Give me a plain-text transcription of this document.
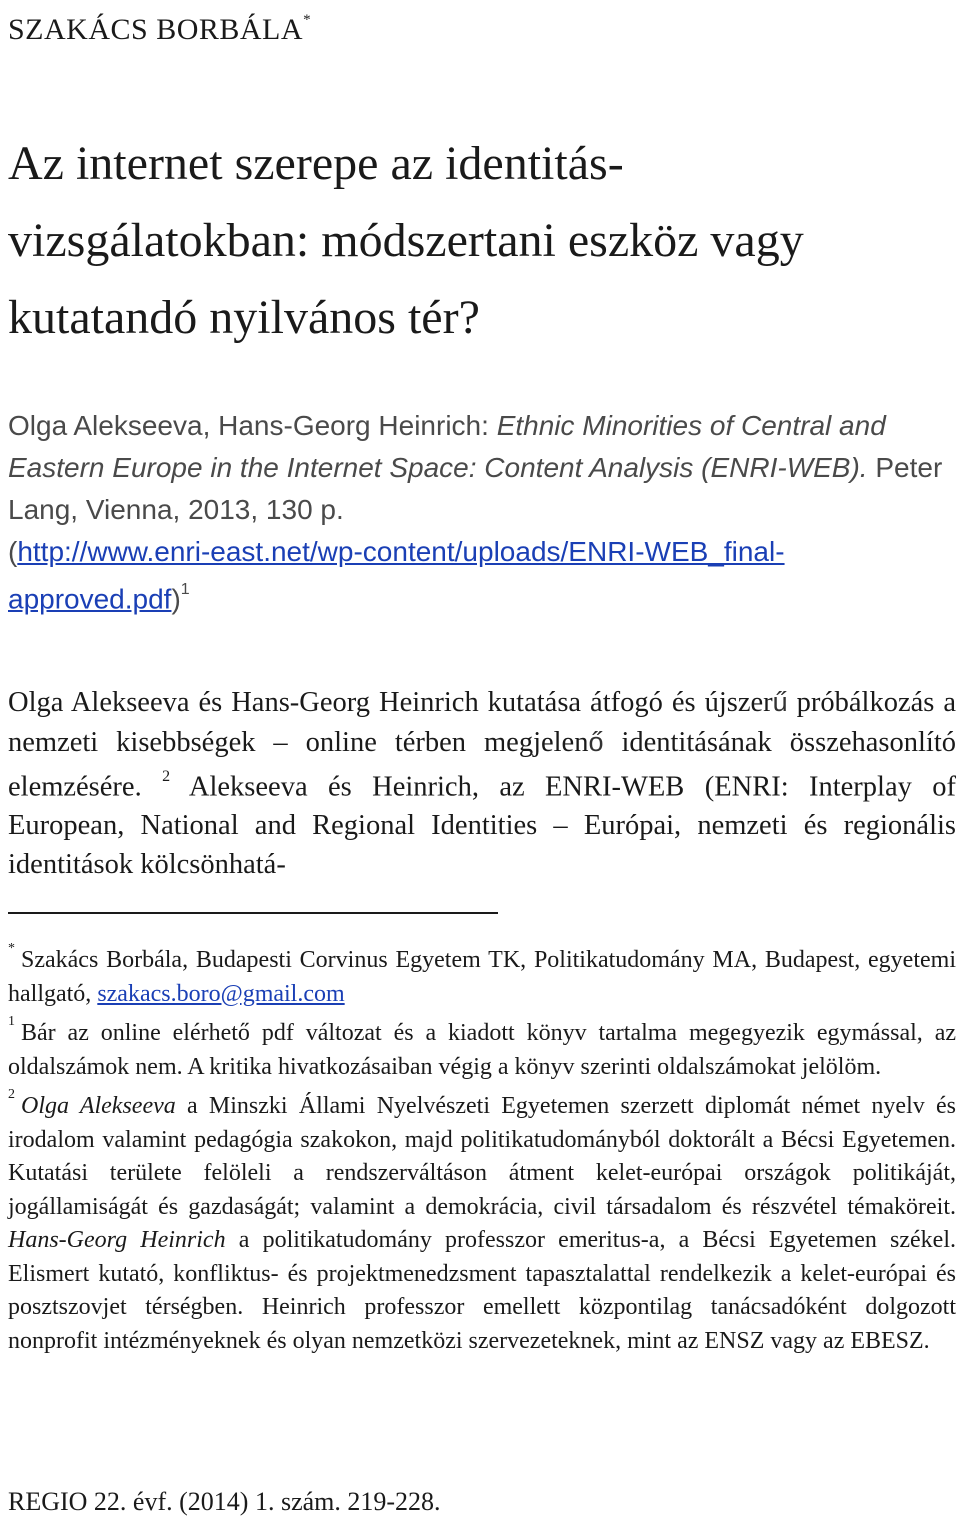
SZAKÁCS BORBÁLA*
Az internet szerepe az identitás-vizsgálatokban: módszertani eszköz vagy kutatandó nyilvános tér?
Olga Alekseeva, Hans-Georg Heinrich: Ethnic Minorities of Central and Eastern Europe in the Internet Space: Content Analysis (ENRI-WEB). Peter Lang, Vienna, 2013, 130 p.
(http://www.enri-east.net/wp-content/uploads/ENRI-WEB_final-approved.pdf)$^1$

Olga Alekseeva és Hans-Georg Heinrich kutatása átfogó és újszerű próbálkozás a nemzeti kisebbségek – online térben megjelenő identitásának összehasonlító elemzésére. $^2$ Alekseeva és Heinrich, az ENRI-WEB (ENRI: Interplay of European, National and Regional Identities – Európai, nemzeti és regionális identitások kölcsönhatá-

* Szakács Borbála, Budapesti Corvinus Egyetem TK, Politikatudomány MA, Budapest, egyetemi hallgató, szakacs.boro@gmail.com

$^1$ Bár az online elérhető pdf változat és a kiadott könyv tartalma megegyezik egymással, az oldalszámok nem. A kritika hivatkozásaiban végig a könyv szerinti oldalszámokat jelölöm.

$^2$ Olga Alekseeva a Minszki Állami Nyelvészeti Egyetemen szerzett diplomát német nyelv és irodalom valamint pedagógia szakokon, majd politikatudományból doktorált a Bécsi Egyetemen. Kutatási területe felöleli a rendszerváltáson átment kelet-európai országok politikáját, jogállamiságát és gazdaságát; valamint a demokrácia, civil társadalom és részvétel témaköreit. Hans-Georg Heinrich a politikatudomány professzor emeritus-a, a Bécsi Egyetemen székel. Elismert kutató, konfliktus- és projektmenedzsment tapasztalattal rendelkezik a kelet-európai és posztszovjet térségben. Heinrich professzor emellett központilag tanácsadóként dolgozott nonprofit intézményeknek és olyan nemzetközi szervezeteknek, mint az ENSZ vagy az EBESZ.

REGIO 22. évf. (2014) 1. szám. 219-228.
